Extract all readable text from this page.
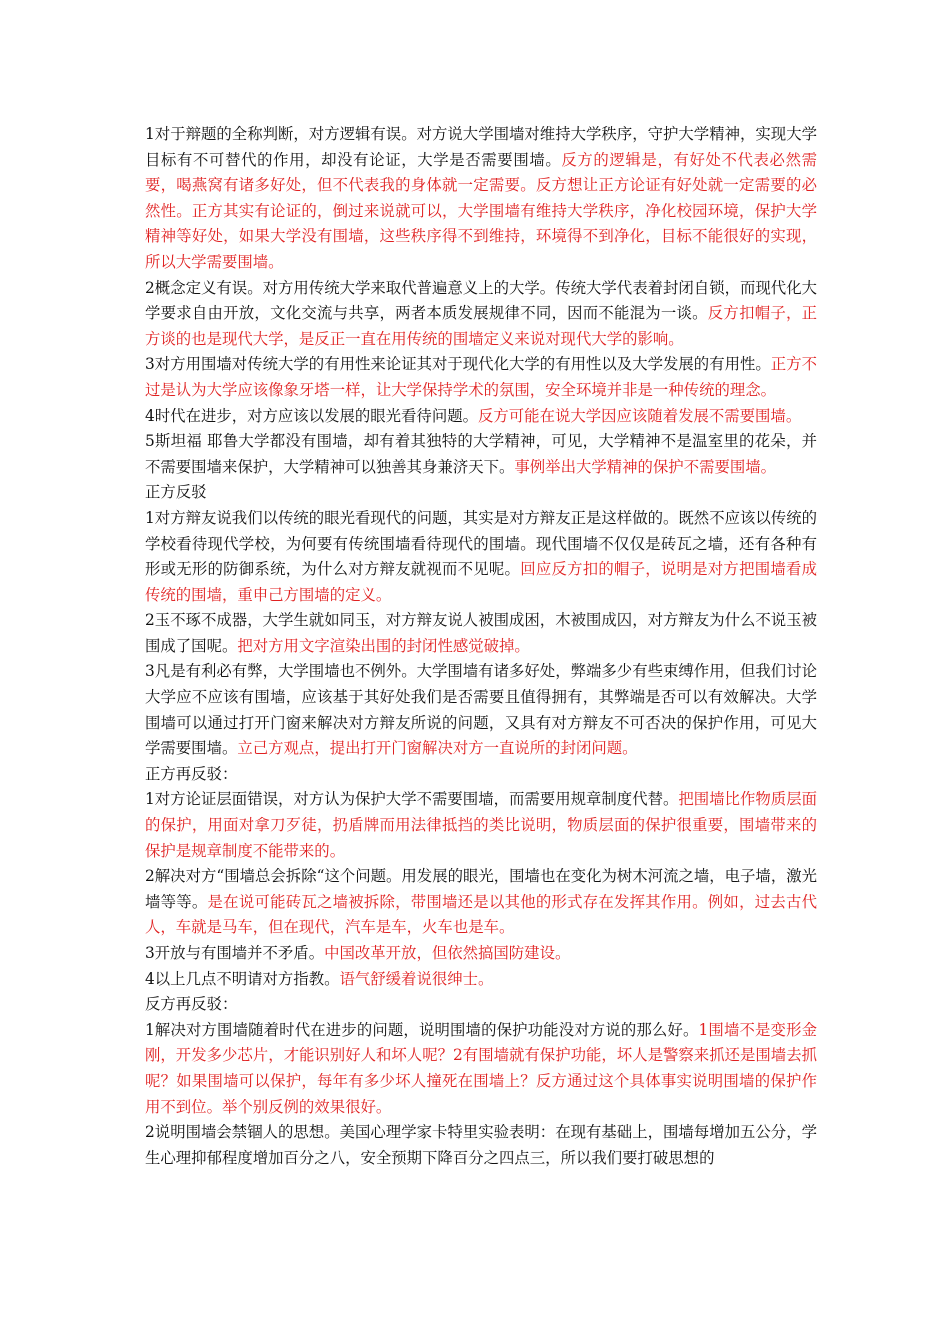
1对于辩题的全称判断，对方逻辑有误。对方说大学围墙对维持大学秩序，守护大学精神，实现大学目标有不可替代的作用，却没有论证，大学是否需要围墙。反方的逻辑是，有好处不代表必然需要，喝燕窝有诸多好处，但不代表我的身体就一定需要。反方想让正方论证有好处就一定需要的必然性。正方其实有论证的，倒过来说就可以，大学围墙有维持大学秩序，净化校园环境，保护大学精神等好处，如果大学没有围墙，这些秩序得不到维持，环境得不到净化，目标不能很好的实现，所以大学需要围墙。

2概念定义有误。对方用传统大学来取代普遍意义上的大学。传统大学代表着封闭自锁，而现代化大学要求自由开放，文化交流与共享，两者本质发展规律不同，因而不能混为一谈。反方扣帽子，正方谈的也是现代大学，是反正一直在用传统的围墙定义来说对现代大学的影响。

3对方用围墙对传统大学的有用性来论证其对于现代化大学的有用性以及大学发展的有用性。正方不过是认为大学应该像象牙塔一样，让大学保持学术的氛围，安全环境并非是一种传统的理念。

4时代在进步，对方应该以发展的眼光看待问题。反方可能在说大学因应该随着发展不需要围墙。

5斯坦福 耶鲁大学都没有围墙，却有着其独特的大学精神，可见，大学精神不是温室里的花朵，并不需要围墙来保护，大学精神可以独善其身兼济天下。事例举出大学精神的保护不需要围墙。

正方反驳

1对方辩友说我们以传统的眼光看现代的问题，其实是对方辩友正是这样做的。既然不应该以传统的学校看待现代学校，为何要有传统围墙看待现代的围墙。现代围墙不仅仅是砖瓦之墙，还有各种有形或无形的防御系统，为什么对方辩友就视而不见呢。回应反方扣的帽子，说明是对方把围墙看成传统的围墙，重申己方围墙的定义。

2玉不琢不成器，大学生就如同玉，对方辩友说人被围成困，木被围成囚，对方辩友为什么不说玉被围成了国呢。把对方用文字渲染出围的封闭性感觉破掉。

3凡是有利必有弊，大学围墙也不例外。大学围墙有诸多好处，弊端多少有些束缚作用，但我们讨论大学应不应该有围墙，应该基于其好处我们是否需要且值得拥有，其弊端是否可以有效解决。大学围墙可以通过打开门窗来解决对方辩友所说的问题，又具有对方辩友不可否决的保护作用，可见大学需要围墙。立己方观点，提出打开门窗解决对方一直说所的封闭问题。

正方再反驳：

1对方论证层面错误，对方认为保护大学不需要围墙，而需要用规章制度代替。把围墙比作物质层面的保护，用面对拿刀歹徒，扔盾牌而用法律抵挡的类比说明，物质层面的保护很重要，围墙带来的保护是规章制度不能带来的。

2解决对方“围墙总会拆除“这个问题。用发展的眼光，围墙也在变化为树木河流之墙，电子墙，激光墙等等。是在说可能砖瓦之墙被拆除，带围墙还是以其他的形式存在发挥其作用。例如，过去古代人，车就是马车，但在现代，汽车是车，火车也是车。

3开放与有围墙并不矛盾。中国改革开放，但依然搞国防建设。

4以上几点不明请对方指教。语气舒缓着说很绅士。

反方再反驳：

1解决对方围墙随着时代在进步的问题，说明围墙的保护功能没对方说的那么好。1围墙不是变形金刚，开发多少芯片，才能识别好人和坏人呢？2有围墙就有保护功能，坏人是警察来抓还是围墙去抓呢？如果围墙可以保护，每年有多少坏人撞死在围墙上？反方通过这个具体事实说明围墙的保护作用不到位。举个别反例的效果很好。

2说明围墙会禁锢人的思想。美国心理学家卡特里实验表明：在现有基础上，围墙每增加五公分，学生心理抑郁程度增加百分之八，安全预期下降百分之四点三，所以我们要打破思想的
